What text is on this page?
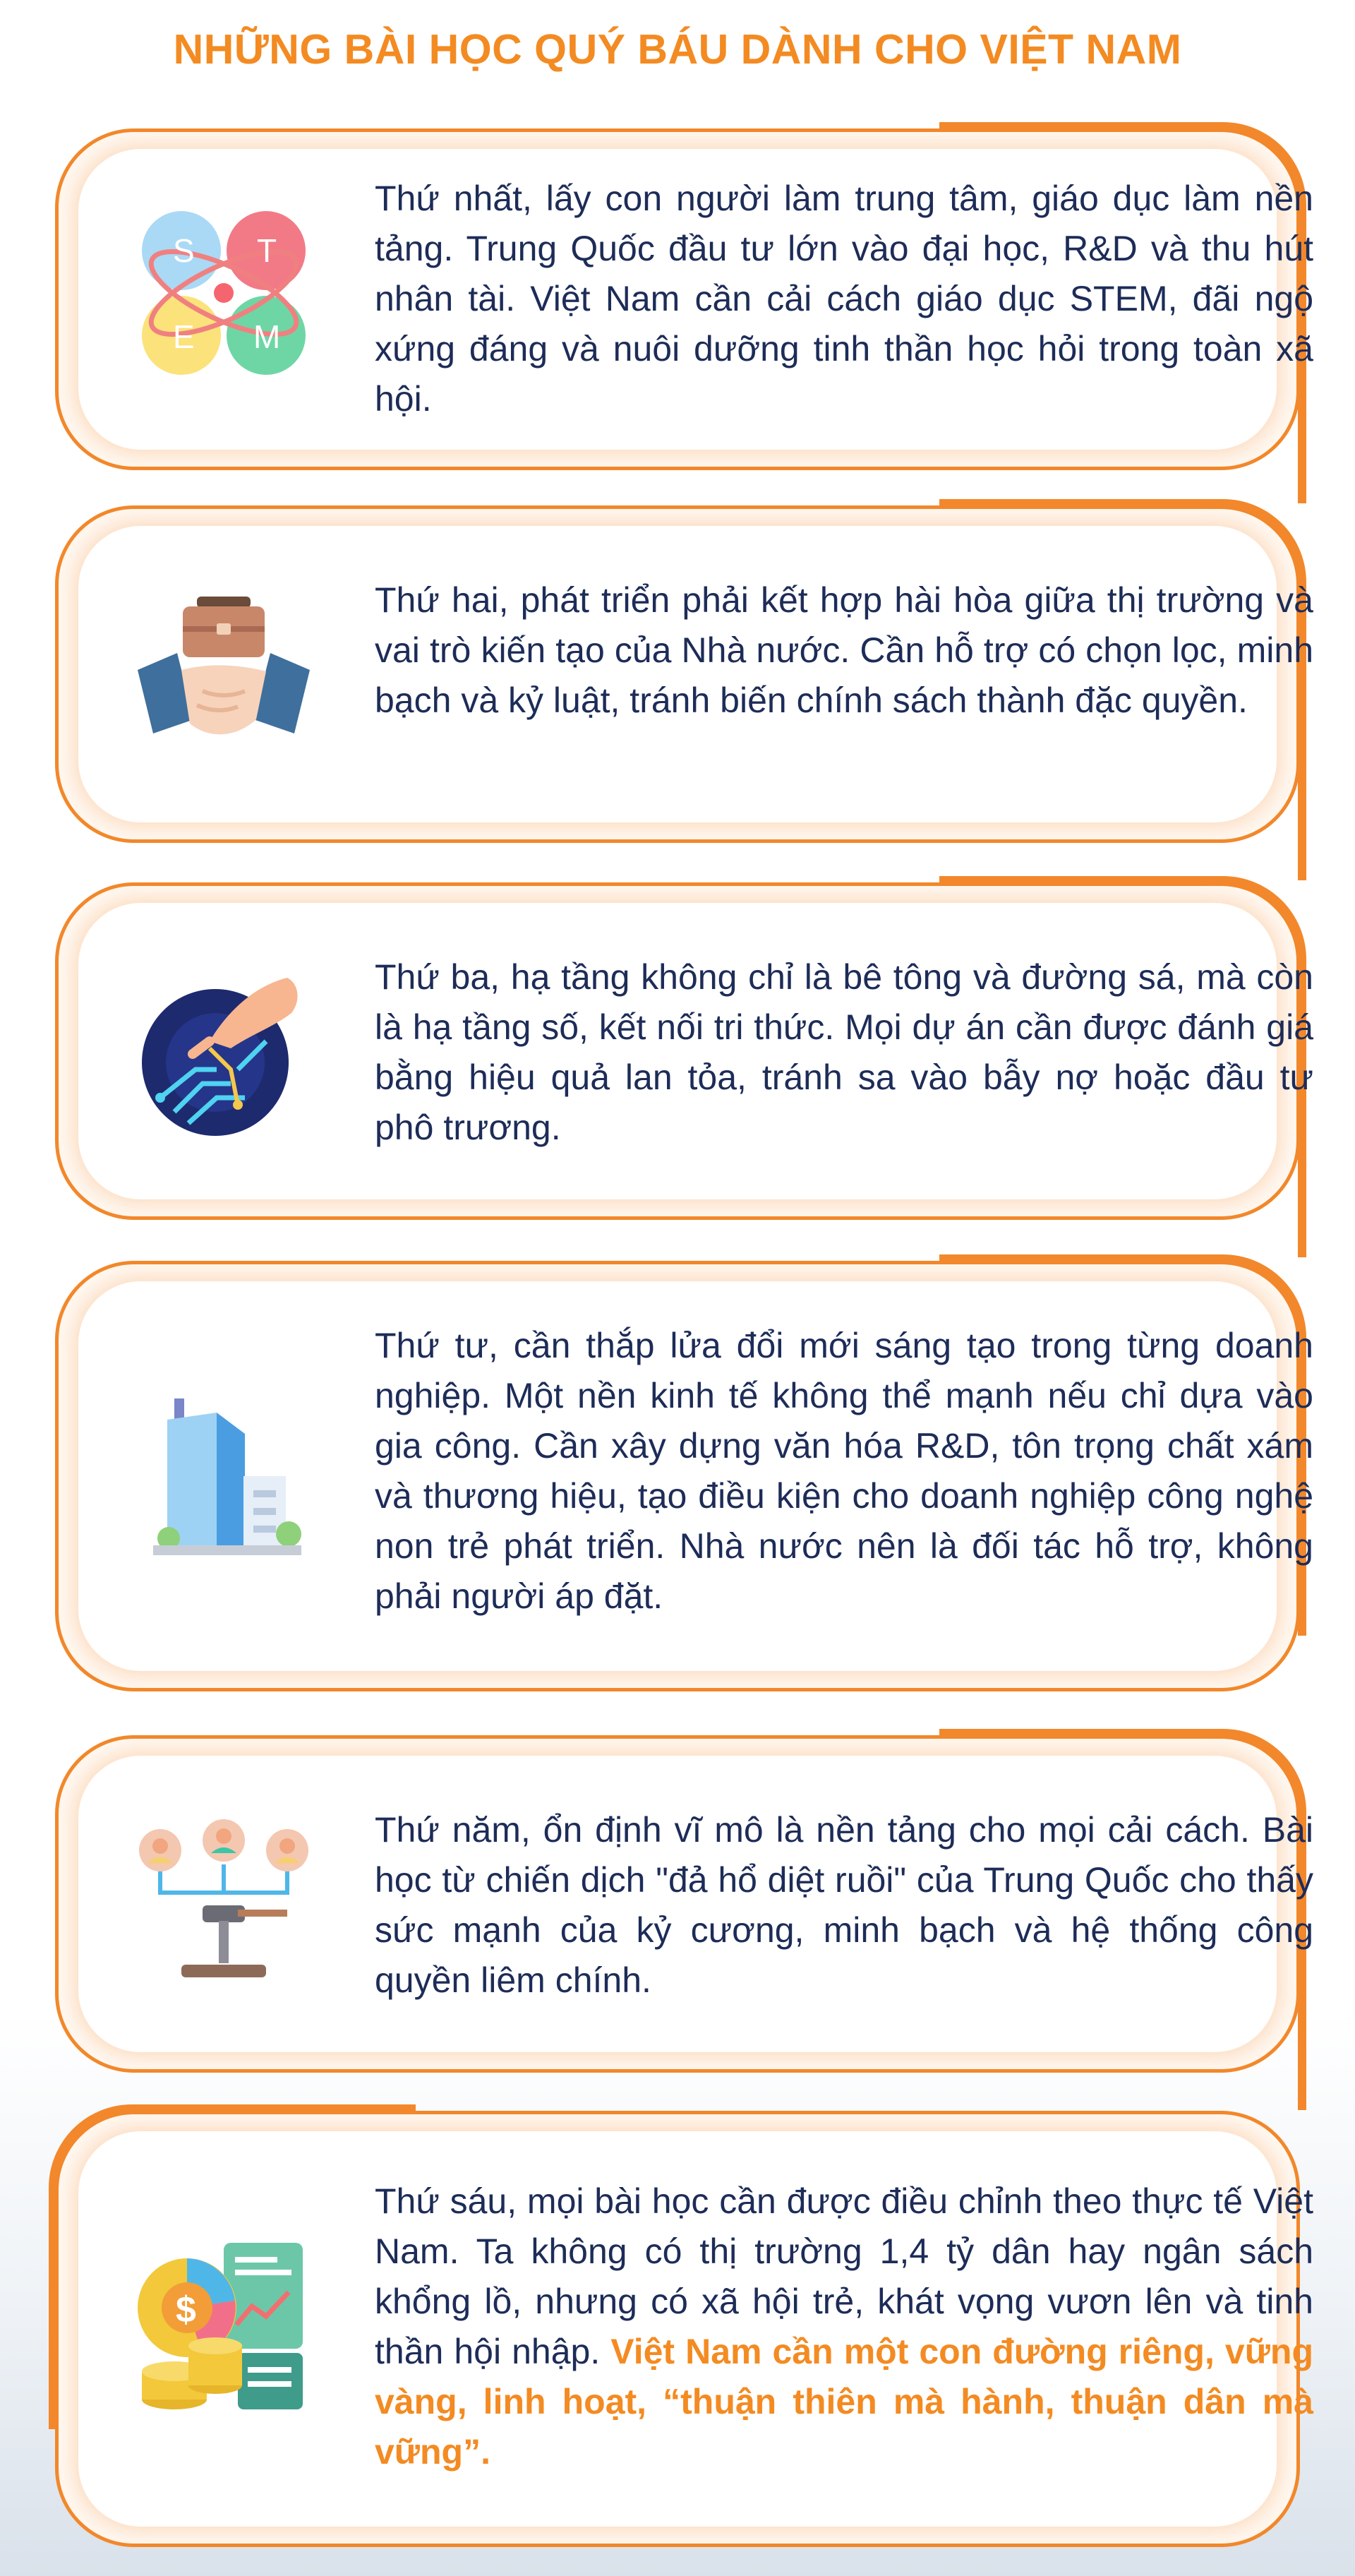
NHỮNG BÀI HỌC QUÝ BÁU DÀNH CHO VIỆT NAM
S T
E M
Thứ nhất, lấy con người làm trung tâm, giáo dục làm nền tảng. Trung Quốc đầu tư lớn vào đại học, R&D và thu hút nhân tài. Việt Nam cần cải cách giáo dục STEM, đãi ngộ xứng đáng và nuôi dưỡng tinh thần học hỏi trong toàn xã hội.
Thứ hai, phát triển phải kết hợp hài hòa giữa thị trường và vai trò kiến tạo của Nhà nước. Cần hỗ trợ có chọn lọc, minh bạch và kỷ luật, tránh biến chính sách thành đặc quyền.
Thứ ba, hạ tầng không chỉ là bê tông và đường sá, mà còn là hạ tầng số, kết nối tri thức. Mọi dự án cần được đánh giá bằng hiệu quả lan tỏa, tránh sa vào bẫy nợ hoặc đầu tư phô trương.
Thứ tư, cần thắp lửa đổi mới sáng tạo trong từng doanh nghiệp. Một nền kinh tế không thể mạnh nếu chỉ dựa vào gia công. Cần xây dựng văn hóa R&D, tôn trọng chất xám và thương hiệu, tạo điều kiện cho doanh nghiệp công nghệ non trẻ phát triển. Nhà nước nên là đối tác hỗ trợ, không phải người áp đặt.
Thứ năm, ổn định vĩ mô là nền tảng cho mọi cải cách. Bài học từ chiến dịch "đả hổ diệt ruồi" của Trung Quốc cho thấy sức mạnh của kỷ cương, minh bạch và hệ thống công quyền liêm chính.
$
Thứ sáu, mọi bài học cần được điều chỉnh theo thực tế Việt Nam. Ta không có thị trường 1,4 tỷ dân hay ngân sách khổng lồ, nhưng có xã hội trẻ, khát vọng vươn lên và tinh thần hội nhập. Việt Nam cần một con đường riêng, vững vàng, linh hoạt, “thuận thiên mà hành, thuận dân mà vững”.
